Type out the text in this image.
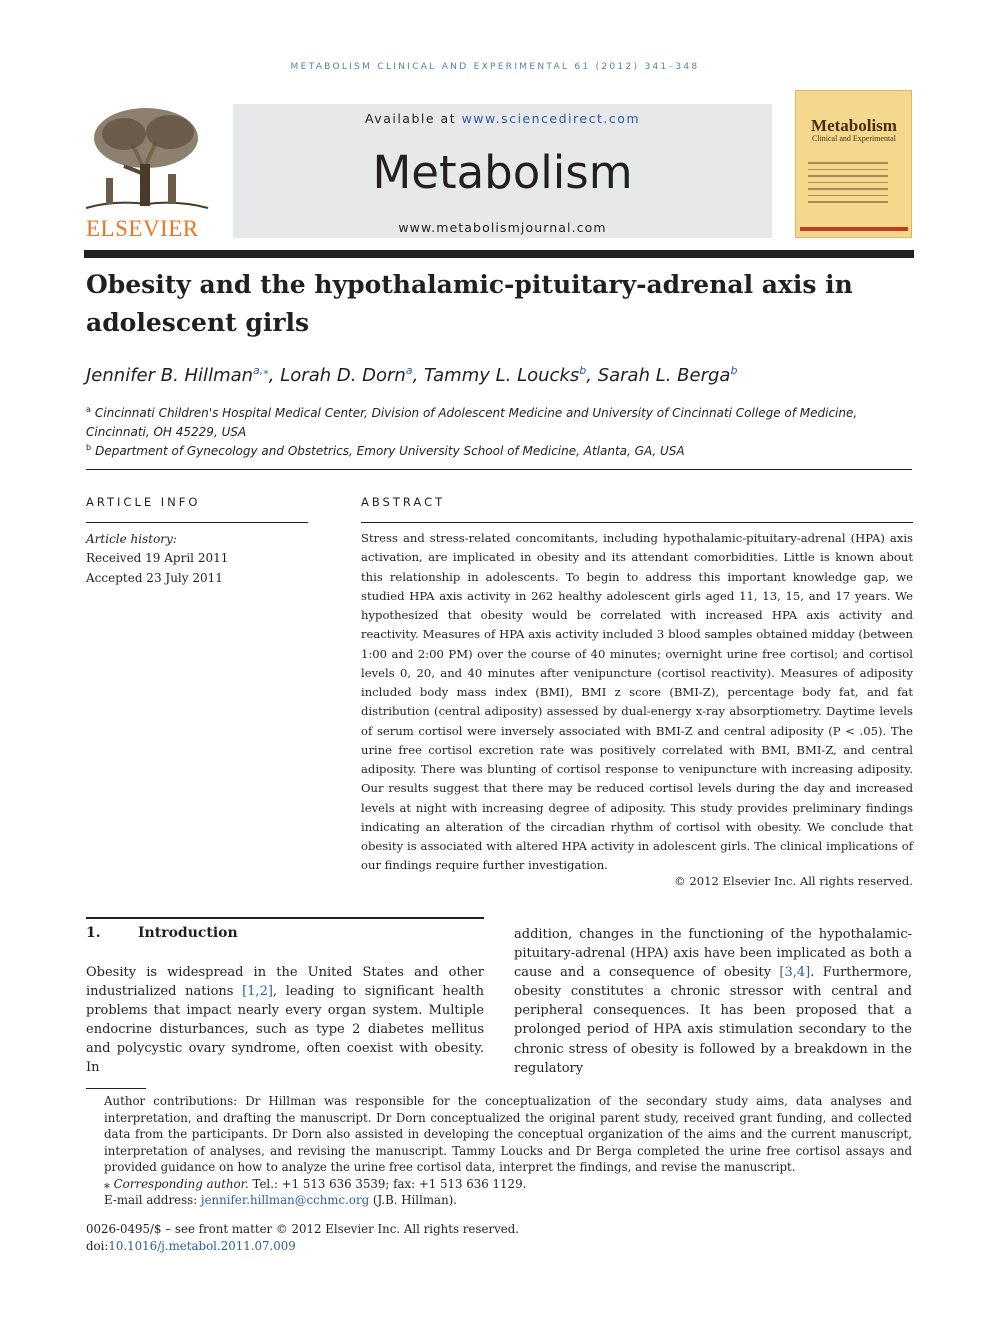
METABOLISM CLINICAL AND EXPERIMENTAL 61 (2012) 341–348
ELSEVIER
Available at www.sciencedirect.com
Metabolism
www.metabolismjournal.com
Metabolism
Clinical and Experimental
Obesity and the hypothalamic-pituitary-adrenal axis in adolescent girls
Jennifer B. Hillman$^{a,⁎}$, Lorah D. Dorn$^a$, Tammy L. Loucks$^b$, Sarah L. Berga$^b$
$^a$ Cincinnati Children's Hospital Medical Center, Division of Adolescent Medicine and University of Cincinnati College of Medicine, Cincinnati, OH 45229, USA
$^b$ Department of Gynecology and Obstetrics, Emory University School of Medicine, Atlanta, GA, USA
ARTICLE INFO
Article history:
Received 19 April 2011
Accepted 23 July 2011
ABSTRACT
Stress and stress-related concomitants, including hypothalamic-pituitary-adrenal (HPA) axis activation, are implicated in obesity and its attendant comorbidities. Little is known about this relationship in adolescents. To begin to address this important knowledge gap, we studied HPA axis activity in 262 healthy adolescent girls aged 11, 13, 15, and 17 years. We hypothesized that obesity would be correlated with increased HPA axis activity and reactivity. Measures of HPA axis activity included 3 blood samples obtained midday (between 1:00 and 2:00 PM) over the course of 40 minutes; overnight urine free cortisol; and cortisol levels 0, 20, and 40 minutes after venipuncture (cortisol reactivity). Measures of adiposity included body mass index (BMI), BMI z score (BMI-Z), percentage body fat, and fat distribution (central adiposity) assessed by dual-energy x-ray absorptiometry. Daytime levels of serum cortisol were inversely associated with BMI-Z and central adiposity (P < .05). The urine free cortisol excretion rate was positively correlated with BMI, BMI-Z, and central adiposity. There was blunting of cortisol response to venipuncture with increasing adiposity. Our results suggest that there may be reduced cortisol levels during the day and increased levels at night with increasing degree of adiposity. This study provides preliminary findings indicating an alteration of the circadian rhythm of cortisol with obesity. We conclude that obesity is associated with altered HPA activity in adolescent girls. The clinical implications of our findings require further investigation.
© 2012 Elsevier Inc. All rights reserved.
1.	Introduction
Obesity is widespread in the United States and other industrialized nations [1,2], leading to significant health problems that impact nearly every organ system. Multiple endocrine disturbances, such as type 2 diabetes mellitus and polycystic ovary syndrome, often coexist with obesity. In
addition, changes in the functioning of the hypothalamic-pituitary-adrenal (HPA) axis have been implicated as both a cause and a consequence of obesity [3,4]. Furthermore, obesity constitutes a chronic stressor with central and peripheral consequences. It has been proposed that a prolonged period of HPA axis stimulation secondary to the chronic stress of obesity is followed by a breakdown in the regulatory
Author contributions: Dr Hillman was responsible for the conceptualization of the secondary study aims, data analyses and interpretation, and drafting the manuscript. Dr Dorn conceptualized the original parent study, received grant funding, and collected data from the participants. Dr Dorn also assisted in developing the conceptual organization of the aims and the current manuscript, interpretation of analyses, and revising the manuscript. Tammy Loucks and Dr Berga completed the urine free cortisol assays and provided guidance on how to analyze the urine free cortisol data, interpret the findings, and revise the manuscript.
⁎ Corresponding author. Tel.: +1 513 636 3539; fax: +1 513 636 1129.
E-mail address: jennifer.hillman@cchmc.org (J.B. Hillman).
0026-0495/$ – see front matter © 2012 Elsevier Inc. All rights reserved.
doi:10.1016/j.metabol.2011.07.009
